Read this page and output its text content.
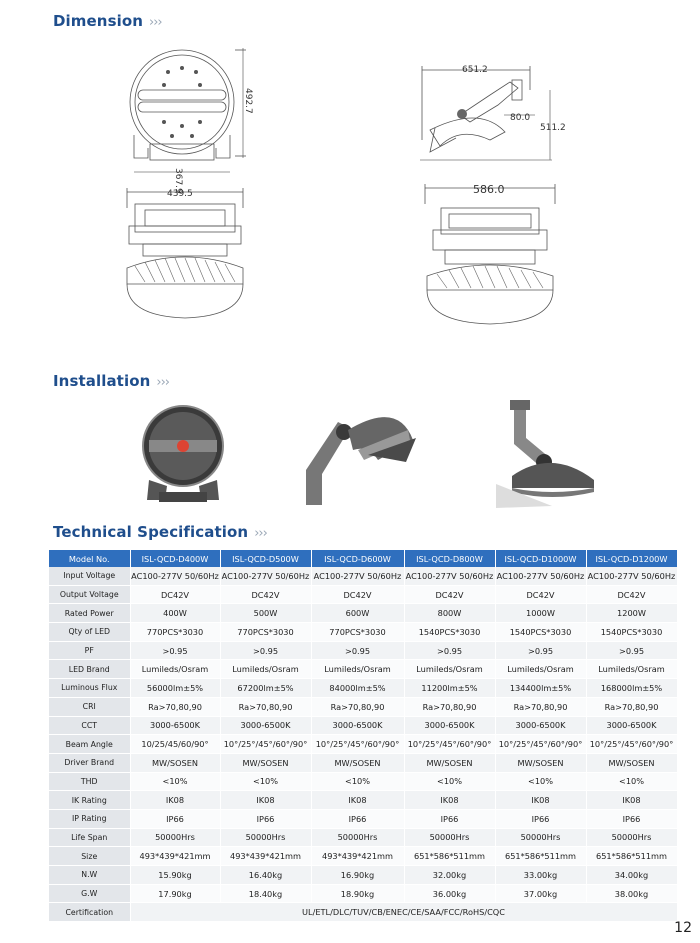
Dimension ›››
Installation ›››
Technical Specification ›››
492.7
367.9
651.2
80.0
511.2
439.5	586.0
Model No.	ISL-QCD-D400W	ISL-QCD-D500W	ISL-QCD-D600W	ISL-QCD-D800W	ISL-QCD-D1000W	ISL-QCD-D1200W
Input Voltage	AC100-277V 50/60Hz	AC100-277V 50/60Hz	AC100-277V 50/60Hz	AC100-277V 50/60Hz	AC100-277V 50/60Hz	AC100-277V 50/60Hz
Output Voltage	DC42V	DC42V	DC42V	DC42V	DC42V	DC42V
Rated Power	400W	500W	600W	800W	1000W	1200W
Qty of LED	770PCS*3030	770PCS*3030	770PCS*3030	1540PCS*3030	1540PCS*3030	1540PCS*3030
PF	>0.95	>0.95	>0.95	>0.95	>0.95	>0.95
LED Brand	Lumileds/Osram	Lumileds/Osram	Lumileds/Osram	Lumileds/Osram	Lumileds/Osram	Lumileds/Osram
Luminous Flux	56000lm±5%	67200lm±5%	84000lm±5%	11200lm±5%	134400lm±5%	168000lm±5%
CRI	Ra>70,80,90	Ra>70,80,90	Ra>70,80,90	Ra>70,80,90	Ra>70,80,90	Ra>70,80,90
CCT	3000-6500K	3000-6500K	3000-6500K	3000-6500K	3000-6500K	3000-6500K
Beam Angle	10/25/45/60/90°	10°/25°/45°/60°/90°	10°/25°/45°/60°/90°	10°/25°/45°/60°/90°	10°/25°/45°/60°/90°	10°/25°/45°/60°/90°
Driver Brand	MW/SOSEN	MW/SOSEN	MW/SOSEN	MW/SOSEN	MW/SOSEN	MW/SOSEN
THD	<10%	<10%	<10%	<10%	<10%	<10%
IK Rating	IK08	IK08	IK08	IK08	IK08	IK08
IP Rating	IP66	IP66	IP66	IP66	IP66	IP66
Life Span	50000Hrs	50000Hrs	50000Hrs	50000Hrs	50000Hrs	50000Hrs
Size	493*439*421mm	493*439*421mm	493*439*421mm	651*586*511mm	651*586*511mm	651*586*511mm
N.W	15.90kg	16.40kg	16.90kg	32.00kg	33.00kg	34.00kg
G.W	17.90kg	18.40kg	18.90kg	36.00kg	37.00kg	38.00kg
Certification	UL/ETL/DLC/TUV/CB/ENEC/CE/SAA/FCC/RoHS/CQC					
12
